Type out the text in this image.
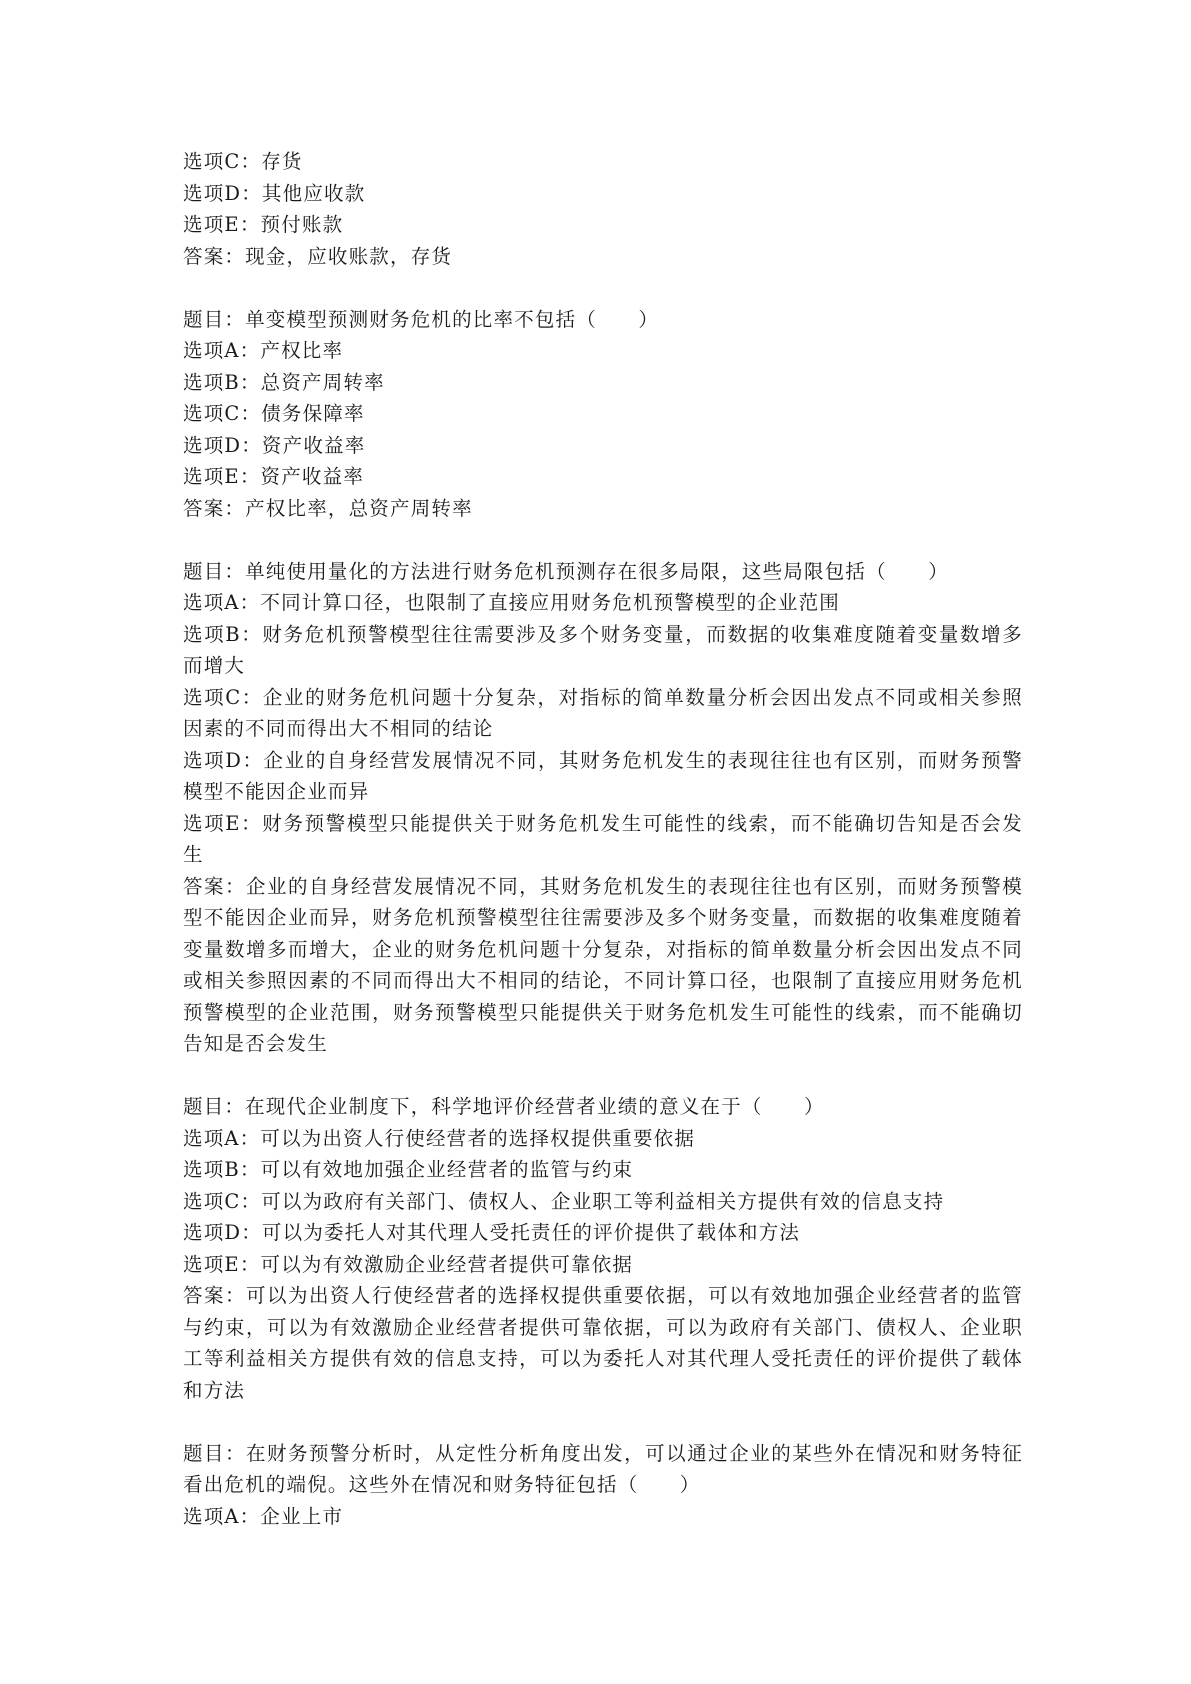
选项C：存货
选项D：其他应收款
选项E：预付账款
答案：现金，应收账款，存货
题目：单变模型预测财务危机的比率不包括（　　）
选项A：产权比率
选项B：总资产周转率
选项C：债务保障率
选项D：资产收益率
选项E：资产收益率
答案：产权比率，总资产周转率
题目：单纯使用量化的方法进行财务危机预测存在很多局限，这些局限包括（　　）
选项A：不同计算口径，也限制了直接应用财务危机预警模型的企业范围
选项B：财务危机预警模型往往需要涉及多个财务变量，而数据的收集难度随着变量数增多而增大
选项C：企业的财务危机问题十分复杂，对指标的简单数量分析会因出发点不同或相关参照因素的不同而得出大不相同的结论
选项D：企业的自身经营发展情况不同，其财务危机发生的表现往往也有区别，而财务预警模型不能因企业而异
选项E：财务预警模型只能提供关于财务危机发生可能性的线索，而不能确切告知是否会发生
答案：企业的自身经营发展情况不同，其财务危机发生的表现往往也有区别，而财务预警模型不能因企业而异，财务危机预警模型往往需要涉及多个财务变量，而数据的收集难度随着变量数增多而增大，企业的财务危机问题十分复杂，对指标的简单数量分析会因出发点不同或相关参照因素的不同而得出大不相同的结论，不同计算口径，也限制了直接应用财务危机预警模型的企业范围，财务预警模型只能提供关于财务危机发生可能性的线索，而不能确切告知是否会发生
题目：在现代企业制度下，科学地评价经营者业绩的意义在于（　　）
选项A：可以为出资人行使经营者的选择权提供重要依据
选项B：可以有效地加强企业经营者的监管与约束
选项C：可以为政府有关部门、债权人、企业职工等利益相关方提供有效的信息支持
选项D：可以为委托人对其代理人受托责任的评价提供了载体和方法
选项E：可以为有效激励企业经营者提供可靠依据
答案：可以为出资人行使经营者的选择权提供重要依据，可以有效地加强企业经营者的监管与约束，可以为有效激励企业经营者提供可靠依据，可以为政府有关部门、债权人、企业职工等利益相关方提供有效的信息支持，可以为委托人对其代理人受托责任的评价提供了载体和方法
题目：在财务预警分析时，从定性分析角度出发，可以通过企业的某些外在情况和财务特征看出危机的端倪。这些外在情况和财务特征包括（　　）
选项A：企业上市
